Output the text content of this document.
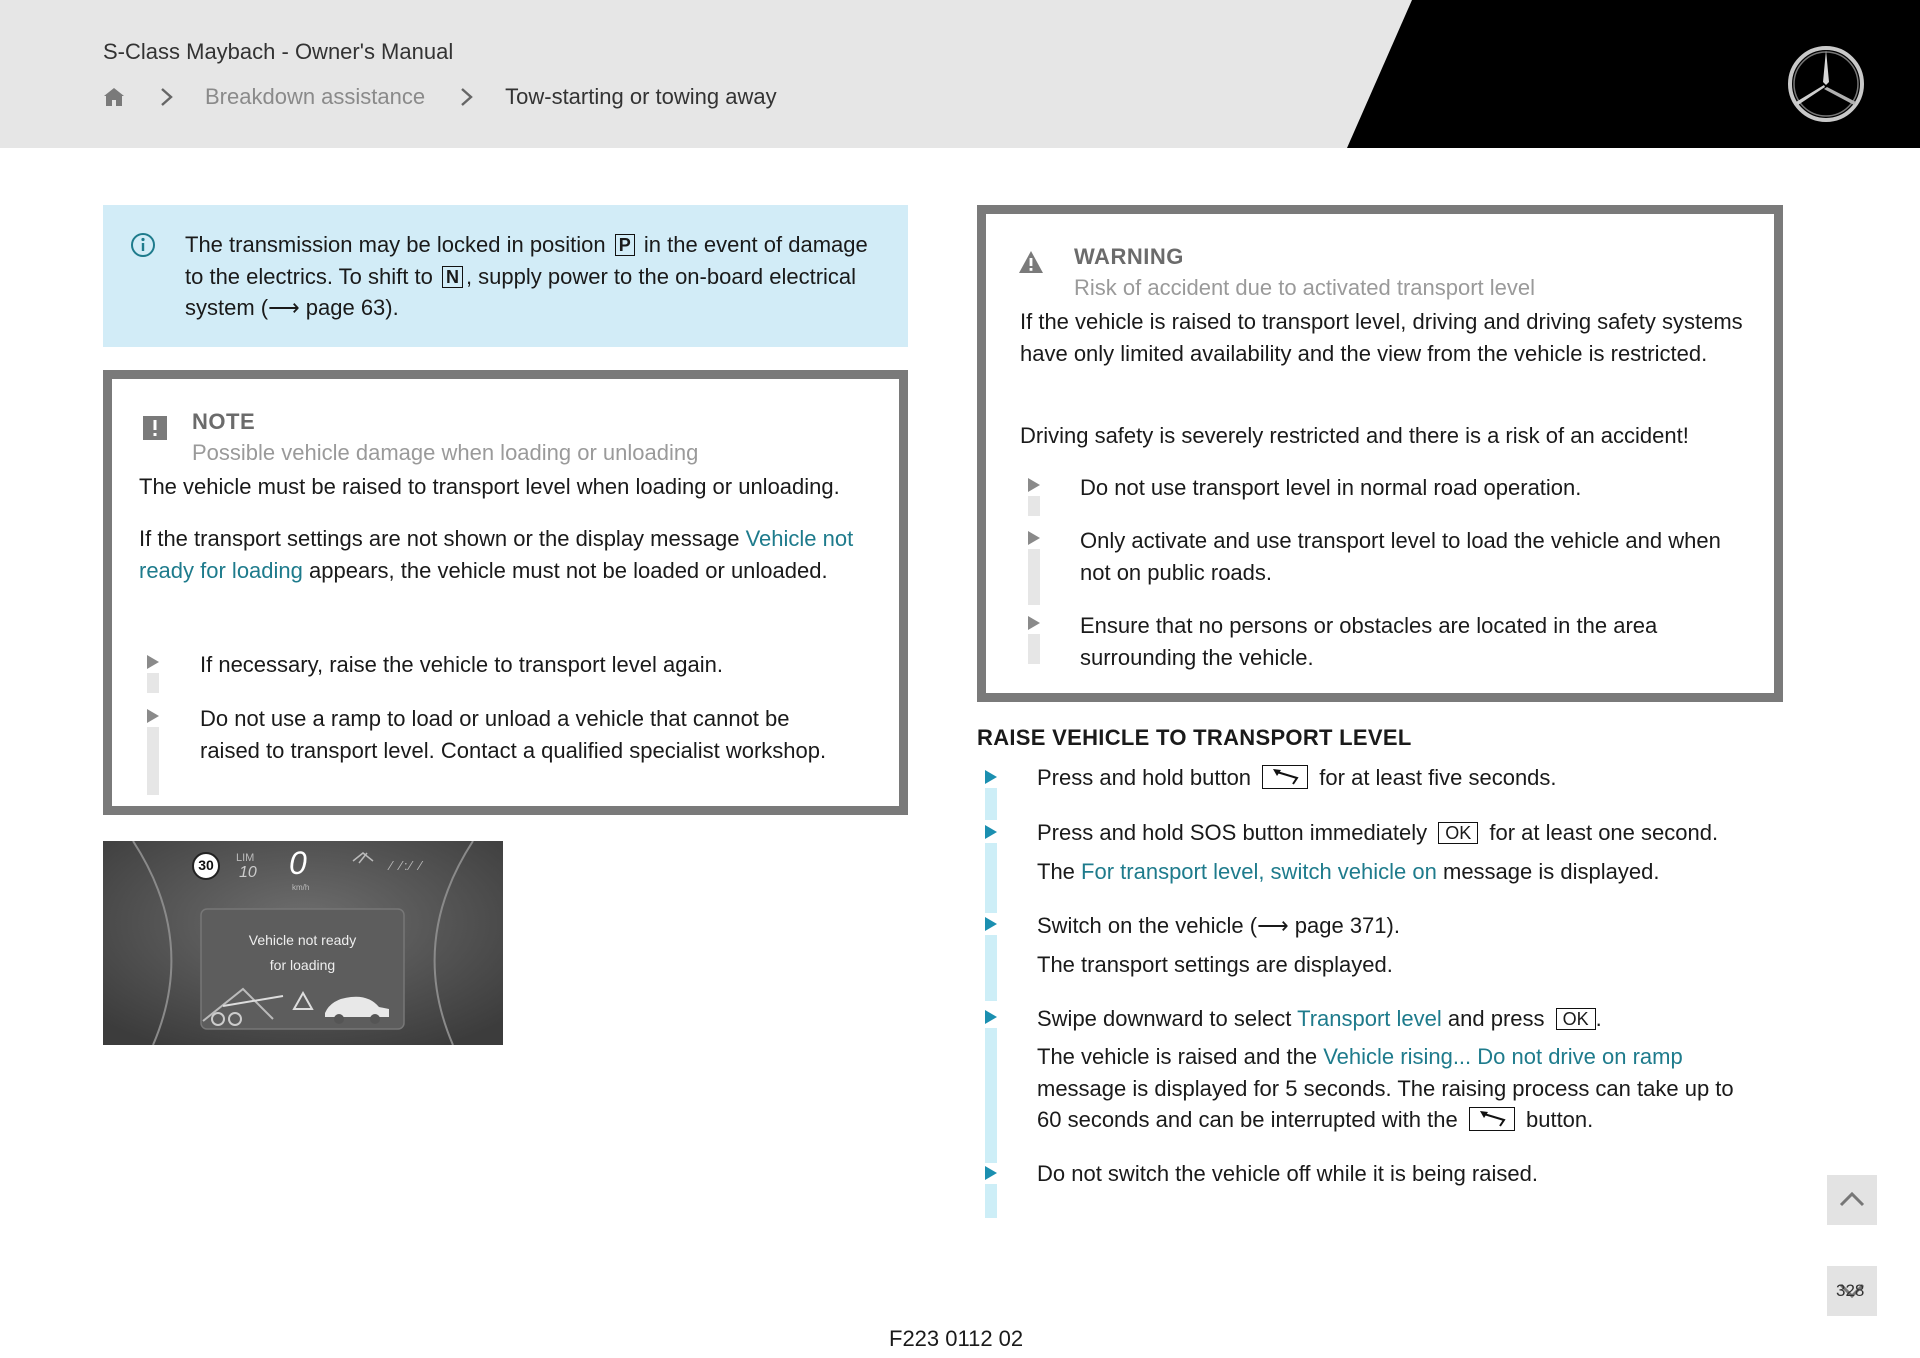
S-Class Maybach - Owner's Manual
Breakdown assistance	Tow-starting or towing away
The transmission may be locked in position P in the event of damage to the electrics. To shift to N , supply power to the on-board electrical system (⟶ page 63).
NOTE
Possible vehicle damage when loading or unloading
The vehicle must be raised to transport level when loading or unloading.
If the transport settings are not shown or the display message Vehicle not ready for loading appears, the vehicle must not be loaded or unloaded.
If necessary, raise the vehicle to transport level again.
Do not use a ramp to load or unload a vehicle that cannot be raised to transport level. Contact a qualified specialist workshop.
30 LIM
10 0
km/h
⁄ ⁄:⁄ ⁄
Vehicle not ready
for loading
WARNING
Risk of accident due to activated transport level
If the vehicle is raised to transport level, driving and driving safety systems have only limited availability and the view from the vehicle is restricted.
Driving safety is severely restricted and there is a risk of an accident!
Do not use transport level in normal road operation.
Only activate and use transport level to load the vehicle and when not on public roads.
Ensure that no persons or obstacles are located in the area surrounding the vehicle.
RAISE VEHICLE TO TRANSPORT LEVEL
Press and hold button	for at least five seconds.
Press and hold SOS button immediately OK for at least one second.
The For transport level, switch vehicle on message is displayed.
Switch on the vehicle (⟶ page 371).
The transport settings are displayed.
Swipe downward to select Transport level and press OK .
The vehicle is raised and the Vehicle rising... Do not drive on ramp message is displayed for 5 seconds. The raising process can take up to 60 seconds and can be interrupted with the	button.
Do not switch the vehicle off while it is being raised.
328
F223 0112 02
